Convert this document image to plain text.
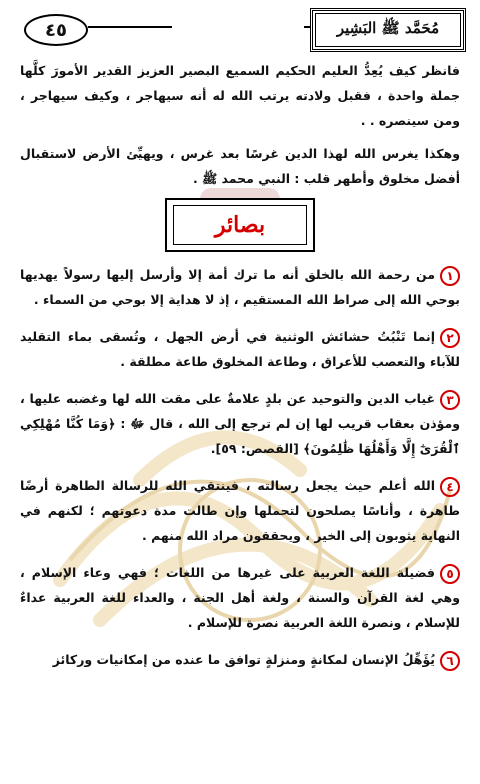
٤٥	مُحَمَّد ﷺ البَشِير

فانظر كيف يُعِدُّ العليم الحكيم السميع البصير العزيز القدير الأمورَ كلَّها جملة واحدة ، فقبل ولادته يرتب الله له أنه سيهاجر ، وكيف سيهاجر ، ومن سينصره . .

وهكذا يغرس الله لهذا الدين غرسًا بعد غرس ، ويهيِّئ الأرض لاستقبال أفضل مخلوق وأطهر قلب : النبي محمد ﷺ .

بصائر
١من رحمة الله بالخلق أنه ما ترك أمة إلا وأرسل إليها رسولاً يهديها بوحي الله إلى صراط الله المستقيم ، إذ لا هداية إلا بوحي من السماء .
٢إنما تَنْبُتُ حشائش الوثنية في أرض الجهل ، وتُسقى بماء التقليد للآباء والتعصب للأعراق ، وطاعة المخلوق طاعة مطلقة .
٣غياب الدين والتوحيد عن بلدٍ علامةٌ على مقت الله لها وغضبه عليها ، ومؤذن بعقاب قريب لها إن لم ترجع إلى الله ، قال ﷻ : ﴿وَمَا كُنَّا مُهْلِكِي ٱلْقُرَىٰٓ إِلَّا وَأَهْلُهَا ظَٰلِمُونَ﴾ [القصص: ٥٩].
٤الله أعلم حيث يجعل رسالته ، فينتقي الله للرسالة الطاهرة أرضًا طاهرة ، وأناسًا يصلحون لتحملها وإن طالت مدة دعوتهم ؛ لكنهم في النهاية يثوبون إلى الخير ، ويحققون مراد الله منهم .
٥فضيلة اللغة العربية على غيرها من اللغات ؛ فهي وعاء الإسلام ، وهي لغة القرآن والسنة ، ولغة أهل الجنة ، والعداء للغة العربية عداءٌ للإسلام ، ونصرة اللغة العربية نصرة للإسلام .
٦يُؤَهِّلُ الإنسان لمكانةٍ ومنزلةٍ توافق ما عنده من إمكانيات وركائز
